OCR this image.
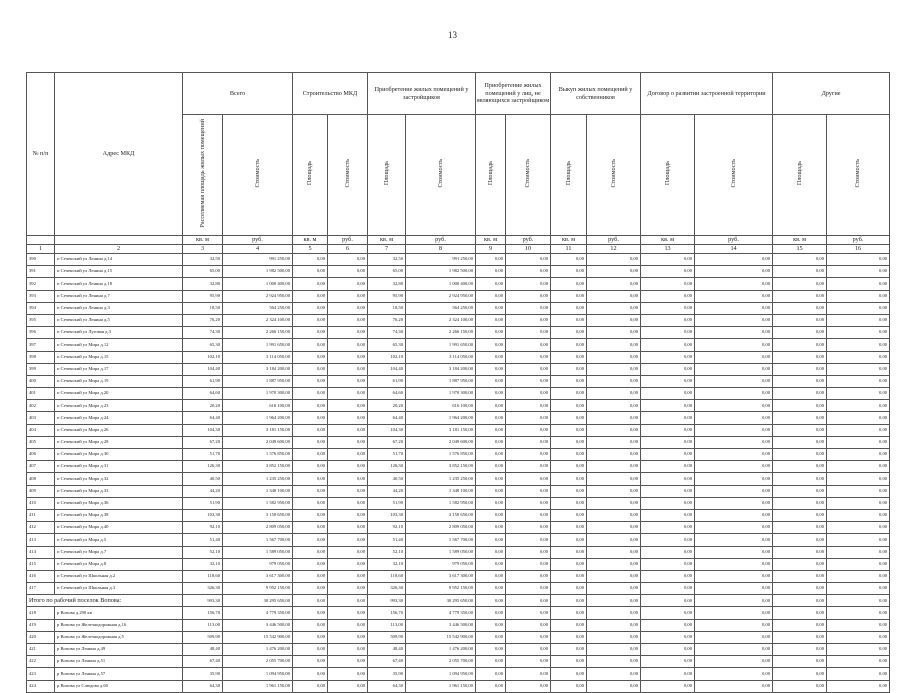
13
№ п/п	Адрес МКД	Всего		Строительство МКД		Приобретение жилых помещений у застройщиков		Приобретение жилых помещений у лиц, не являющихся застройщиком		Выкуп жилых помещений у собственников		Договор о развитии застроенной территории		Другие	
		Расселяемая площадь жилых помещений	Стоимость	Площадь	Стоимость	Площадь	Стоимость	Площадь	Стоимость	Площадь	Стоимость	Площадь	Стоимость	Площадь	Стоимость
		кв. м	руб.	кв. м	руб.	кв. м	руб.	кв. м	руб.	кв. м	руб.	кв. м	руб.	кв. м	руб.
1	2	3	4	5	6	7	8	9	10	11	12	13	14	15	16
390	п Сеченский ул Ленина д.14	32,50	991 250,00	0,00	0,00	32,50	991 250,00	0,00	0,00	0,00	0,00	0,00	0,00	0,00	0,00
391	п Сеченский ул Ленина д.15	65,00	1 982 500,00	0,00	0,00	65,00	1 982 500,00	0,00	0,00	0,00	0,00	0,00	0,00	0,00	0,00
392	п Сеченский ул Ленина д.18	32,80	1 000 400,00	0,00	0,00	32,80	1 000 400,00	0,00	0,00	0,00	0,00	0,00	0,00	0,00	0,00
393	п Сеченский ул Ленина д.7	95,90	2 924 950,00	0,00	0,00	95,90	2 924 950,00	0,00	0,00	0,00	0,00	0,00	0,00	0,00	0,00
394	п Сеченский ул Ленина д.3	18,50	564 250,00	0,00	0,00	18,50	564 250,00	0,00	0,00	0,00	0,00	0,00	0,00	0,00	0,00
395	п Сеченский ул Ленина д.5	76,20	2 324 100,00	0,00	0,00	76,20	2 324 100,00	0,00	0,00	0,00	0,00	0,00	0,00	0,00	0,00
396	п Сеченский ул Луговая д.3	74,30	2 266 150,00	0,00	0,00	74,30	2 266 150,00	0,00	0,00	0,00	0,00	0,00	0,00	0,00	0,00
397	п Сеченский ул Мира д.12	65,30	1 991 650,00	0,00	0,00	65,30	1 991 650,00	0,00	0,00	0,00	0,00	0,00	0,00	0,00	0,00
398	п Сеченский ул Мира д.15	102,10	3 114 050,00	0,00	0,00	102,10	3 114 050,00	0,00	0,00	0,00	0,00	0,00	0,00	0,00	0,00
399	п Сеченский ул Мира д.17	104,40	3 184 200,00	0,00	0,00	104,40	3 184 200,00	0,00	0,00	0,00	0,00	0,00	0,00	0,00	0,00
400	п Сеченский ул Мира д.19	61,90	1 887 950,00	0,00	0,00	61,90	1 887 950,00	0,00	0,00	0,00	0,00	0,00	0,00	0,00	0,00
401	п Сеченский ул Мира д.20	64,60	1 970 300,00	0,00	0,00	64,60	1 970 300,00	0,00	0,00	0,00	0,00	0,00	0,00	0,00	0,00
402	п Сеченский ул Мира д.23	20,20	616 100,00	0,00	0,00	20,20	616 100,00	0,00	0,00	0,00	0,00	0,00	0,00	0,00	0,00
403	п Сеченский ул Мира д.24	64,40	1 964 200,00	0,00	0,00	64,40	1 964 200,00	0,00	0,00	0,00	0,00	0,00	0,00	0,00	0,00
404	п Сеченский ул Мира д.26	104,30	3 181 150,00	0,00	0,00	104,30	3 181 150,00	0,00	0,00	0,00	0,00	0,00	0,00	0,00	0,00
405	п Сеченский ул Мира д.28	67,20	2 049 600,00	0,00	0,00	67,20	2 049 600,00	0,00	0,00	0,00	0,00	0,00	0,00	0,00	0,00
406	п Сеченский ул Мира д.30	51,70	1 576 850,00	0,00	0,00	51,70	1 576 850,00	0,00	0,00	0,00	0,00	0,00	0,00	0,00	0,00
407	п Сеченский ул Мира д.31	126,30	3 852 150,00	0,00	0,00	126,30	3 852 150,00	0,00	0,00	0,00	0,00	0,00	0,00	0,00	0,00
408	п Сеченский ул Мира д.32	40,50	1 235 250,00	0,00	0,00	40,50	1 235 250,00	0,00	0,00	0,00	0,00	0,00	0,00	0,00	0,00
409	п Сеченский ул Мира д.33	44,20	1 348 100,00	0,00	0,00	44,20	1 348 100,00	0,00	0,00	0,00	0,00	0,00	0,00	0,00	0,00
410	п Сеченский ул Мира д.36	51,90	1 582 950,00	0,00	0,00	51,90	1 582 950,00	0,00	0,00	0,00	0,00	0,00	0,00	0,00	0,00
411	п Сеченский ул Мира д.38	103,30	3 150 650,00	0,00	0,00	103,30	3 150 650,00	0,00	0,00	0,00	0,00	0,00	0,00	0,00	0,00
412	п Сеченский ул Мира д.40	92,10	2 809 050,00	0,00	0,00	92,10	2 809 050,00	0,00	0,00	0,00	0,00	0,00	0,00	0,00	0,00
413	п Сеченский ул Мира д.5	51,40	1 567 700,00	0,00	0,00	51,40	1 567 700,00	0,00	0,00	0,00	0,00	0,00	0,00	0,00	0,00
414	п Сеченский ул Мира д.7	52,10	1 589 050,00	0,00	0,00	52,10	1 589 050,00	0,00	0,00	0,00	0,00	0,00	0,00	0,00	0,00
415	п Сеченский ул Мира д.8	32,10	979 050,00	0,00	0,00	32,10	979 050,00	0,00	0,00	0,00	0,00	0,00	0,00	0,00	0,00
416	п Сеченский ул Школьная д.2	118,60	3 617 300,00	0,00	0,00	118,60	3 617 300,00	0,00	0,00	0,00	0,00	0,00	0,00	0,00	0,00
417	п Сеченский ул Школьная д.3	326,30	9 952 150,00	0,00	0,00	326,30	9 952 150,00	0,00	0,00	0,00	0,00	0,00	0,00	0,00	0,00
Итого по рабочий поселок Вопова:		993,30	30 295 650,00	0,00	0,00	993,30	30 295 650,00	0,00	0,00	0,00	0,00	0,00	0,00	0,00	0,00
418	р Вопова д.290 кв	156,70	4 779 350,00	0,00	0,00	156,70	4 779 350,00	0,00	0,00	0,00	0,00	0,00	0,00	0,00	0,00
419	р Вопова ул Железнодорожная д.16	113,00	3 446 500,00	0,00	0,00	113,00	3 446 500,00	0,00	0,00	0,00	0,00	0,00	0,00	0,00	0,00
420	р Вопова ул Железнодорожная д.5	509,90	15 542 900,00	0,00	0,00	509,90	15 542 900,00	0,00	0,00	0,00	0,00	0,00	0,00	0,00	0,00
421	р Вопова ул Ленина д.49	48,40	1 476 200,00	0,00	0,00	48,40	1 476 200,00	0,00	0,00	0,00	0,00	0,00	0,00	0,00	0,00
422	р Вопова ул Ленина д.51	67,40	2 055 700,00	0,00	0,00	67,40	2 055 700,00	0,00	0,00	0,00	0,00	0,00	0,00	0,00	0,00
423	р Вопова ул Ленина д.57	35,90	1 094 950,00	0,00	0,00	35,90	1 094 950,00	0,00	0,00	0,00	0,00	0,00	0,00	0,00	0,00
424	р Вопова ул Слюдова д.60	64,30	1 961 150,00	0,00	0,00	64,30	1 961 150,00	0,00	0,00	0,00	0,00	0,00	0,00	0,00	0,00
